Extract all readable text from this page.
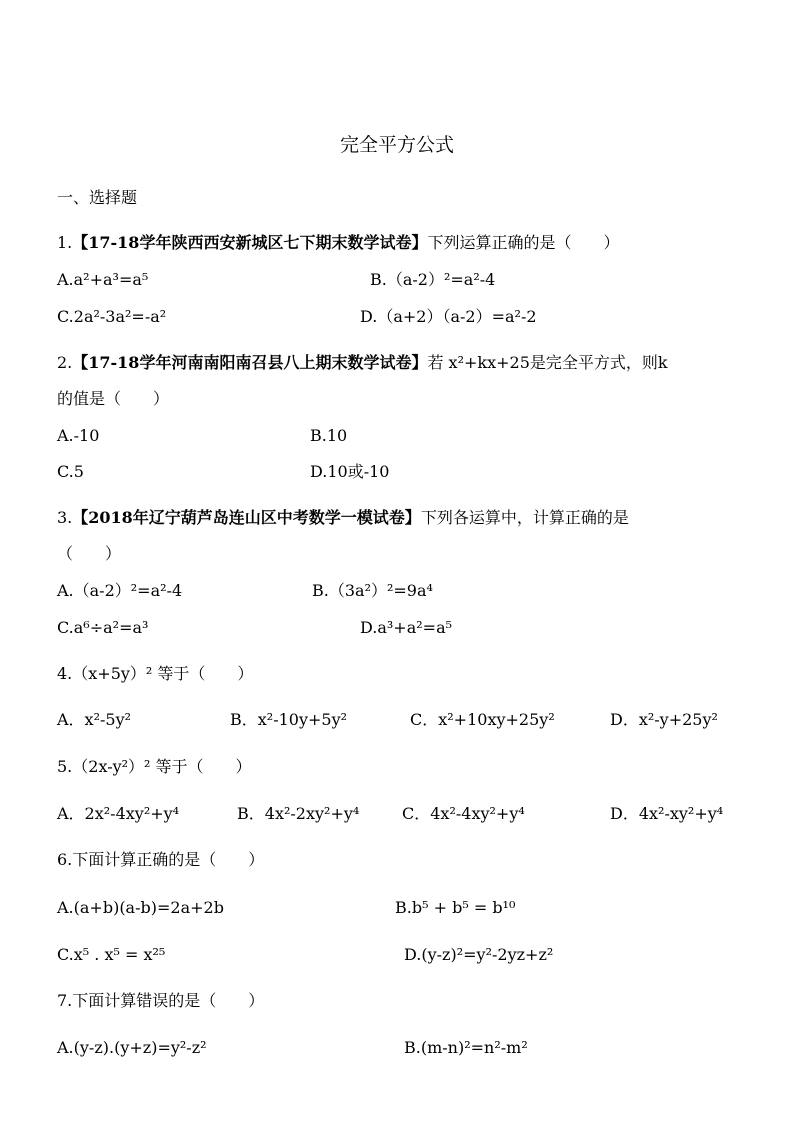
完全平方公式
一、选择题
1.【17-18学年陕西西安新城区七下期末数学试卷】下列运算正确的是（　　）
A.a²+a³=a⁵	B.（a-2）²=a²-4
C.2a²-3a²=-a²	D.（a+2）（a-2）=a²-2
2.【17-18学年河南南阳南召县八上期末数学试卷】若 x²+kx+25是完全平方式，则k
的值是（　　）
A.-10	B.10
C.5	D.10或-10
3.【2018年辽宁葫芦岛连山区中考数学一模试卷】下列各运算中，计算正确的是
（　　）
A.（a-2）²=a²-4	B.（3a²）²=9a⁴
C.a⁶÷a²=a³	D.a³+a²=a⁵
4.（x+5y）² 等于（　　）
A．x²-5y²	B．x²-10y+5y²	C．x²+10xy+25y²	D．x²-y+25y²
5.（2x-y²）² 等于（　　）
A．2x²-4xy²+y⁴	B．4x²-2xy²+y⁴	C．4x²-4xy²+y⁴	D．4x²-xy²+y⁴
6.下面计算正确的是（　　）
A.(a+b)(a-b)=2a+2b	B.b⁵ + b⁵ = b¹⁰
C.x⁵ . x⁵ = x²⁵	D.(y-z)²=y²-2yz+z²
7.下面计算错误的是（　　）
A.(y-z).(y+z)=y²-z²	B.(m-n)²=n²-m²
